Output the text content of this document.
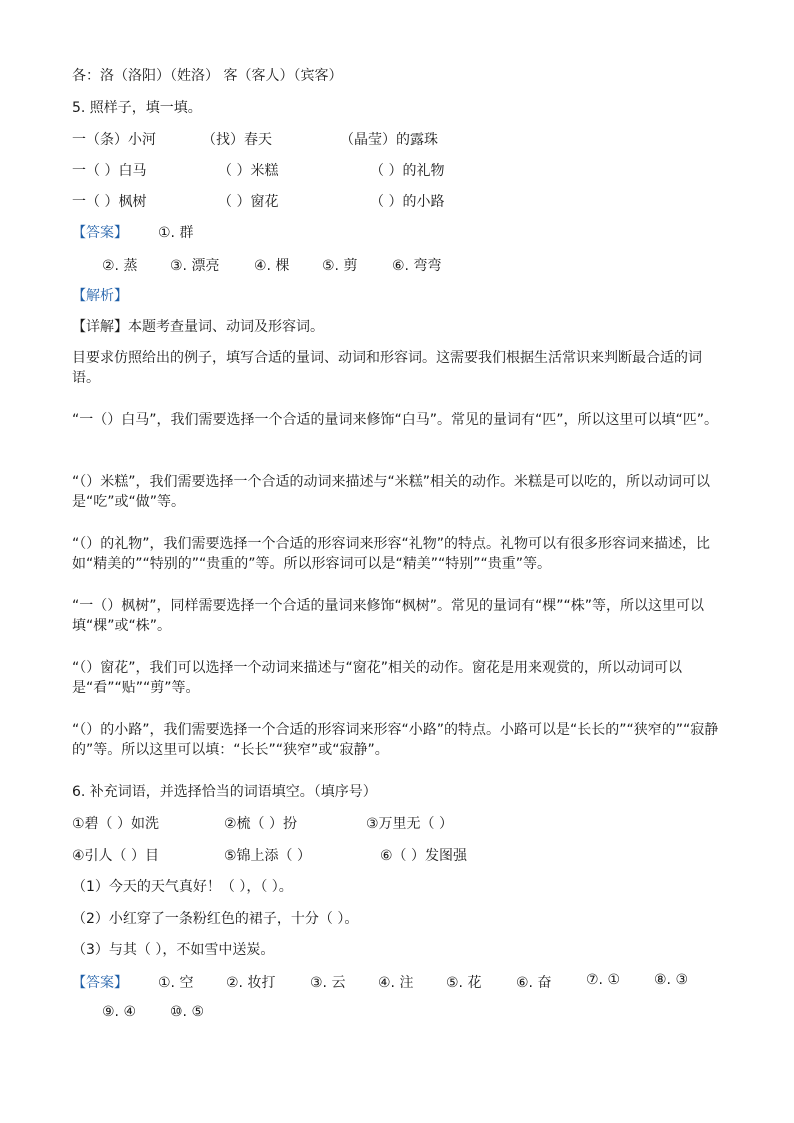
各：洛（洛阳）（姓洛） 客（客人）（宾客）
5. 照样子，填一填。
一（条）小河	（找）春天	（晶莹）的露珠
一（ ）白马	（ ）米糕	（ ）的礼物
一（ ）枫树	（ ）窗花	（ ）的小路
【答案】 ①. 群
②. 蒸 ③. 漂亮 ④. 棵 ⑤. 剪 ⑥. 弯弯
【解析】
【详解】本题考查量词、动词及形容词。
目要求仿照给出的例子，填写合适的量词、动词和形容词。这需要我们根据生活常识来判断最合适的词语。
“一（）白马”，我们需要选择一个合适的量词来修饰“白马”。常见的量词有“匹”，所以这里可以填“匹”。
“（）米糕”，我们需要选择一个合适的动词来描述与“米糕”相关的动作。米糕是可以吃的，所以动词可以是“吃”或“做”等。
“（）的礼物”，我们需要选择一个合适的形容词来形容“礼物”的特点。礼物可以有很多形容词来描述，比如“精美的”“特别的”“贵重的”等。所以形容词可以是“精美”“特别”“贵重”等。
“一（）枫树”，同样需要选择一个合适的量词来修饰“枫树”。常见的量词有“棵”“株”等，所以这里可以填“棵”或“株”。
“（）窗花”，我们可以选择一个动词来描述与“窗花”相关的动作。窗花是用来观赏的，所以动词可以是“看”“贴”“剪”等。
“（）的小路”，我们需要选择一个合适的形容词来形容“小路”的特点。小路可以是“长长的”“狭窄的”“寂静的”等。所以这里可以填：“长长”“狭窄”或“寂静”。
6. 补充词语，并选择恰当的词语填空。（填序号）
①碧（ ）如洗	②梳（ ）扮	③万里无（ ）
④引人（ ）目	⑤锦上添（ ）	⑥（ ）发图强
（1）今天的天气真好！（ ），（ ）。
（2）小红穿了一条粉红色的裙子，十分（ ）。
（3）与其（ ），不如雪中送炭。
【答案】 ①. 空 ②. 妆打 ③. 云 ④. 注 ⑤. 花 ⑥. 奋 ⑦. ① ⑧. ③
⑨. ④ ⑩. ⑤
